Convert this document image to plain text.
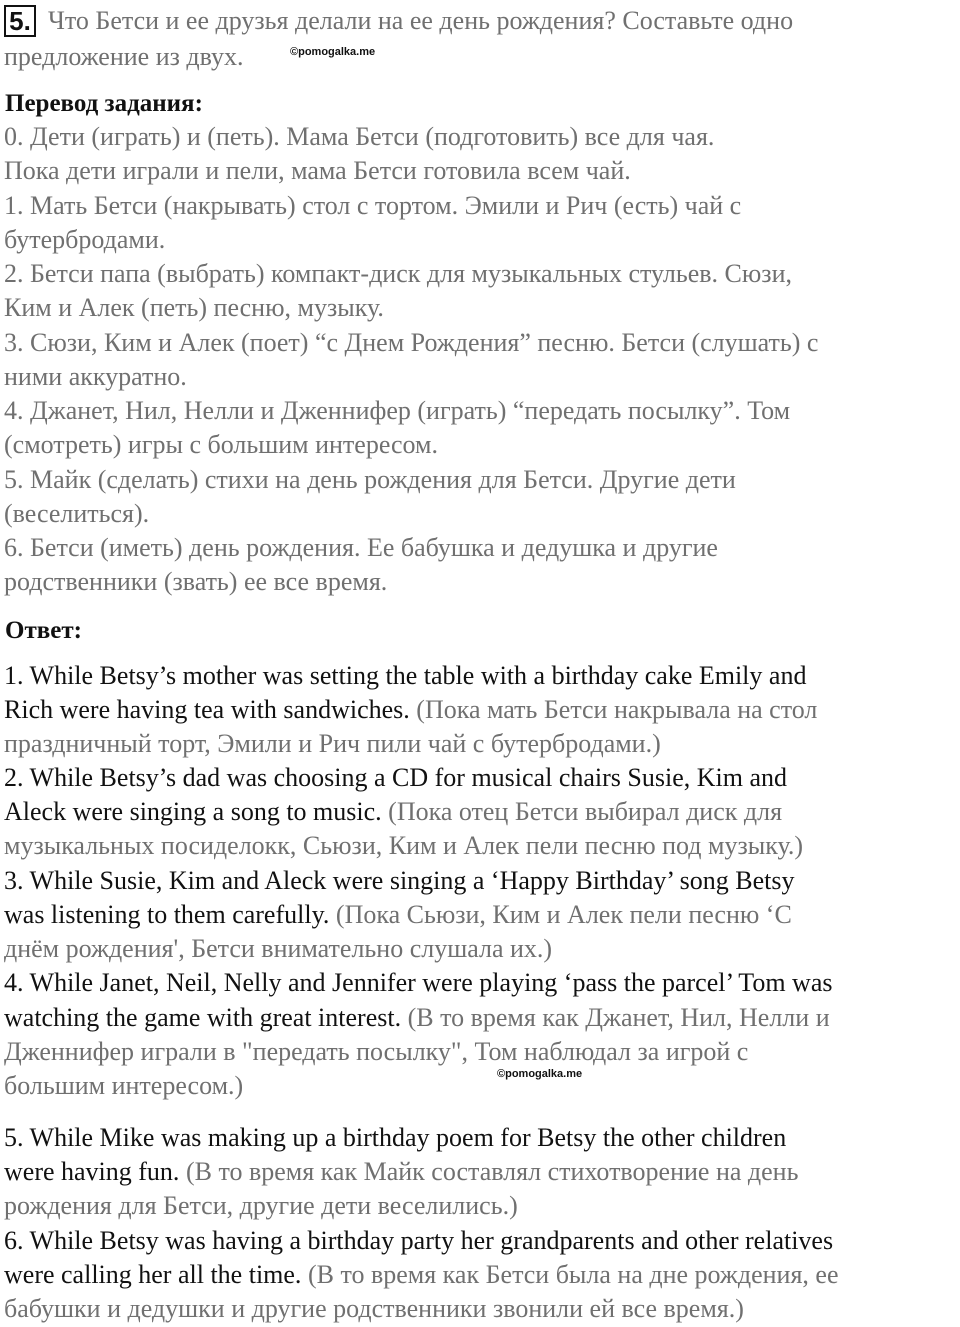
5. Что Бетси и ее друзья делали на ее день рождения? Составьте одно
предложение из двух.	©pomogalka.me
Перевод задания:
0. Дети (играть) и (петь). Мама Бетси (подготовить) все для чая.
Пока дети играли и пели, мама Бетси готовила всем чай.
1. Мать Бетси (накрывать) стол с тортом. Эмили и Рич (есть) чай с
бутербродами.
2. Бетси папа (выбрать) компакт-диск для музыкальных стульев. Сюзи,
Ким и Алек (петь) песню, музыку.
3. Сюзи, Ким и Алек (поет) “с Днем Рождения” песню. Бетси (слушать) с
ними аккуратно.
4. Джанет, Нил, Нелли и Дженнифер (играть) “передать посылку”. Том
(смотреть) игры с большим интересом.
5. Майк (сделать) стихи на день рождения для Бетси. Другие дети
(веселиться).
6. Бетси (иметь) день рождения. Ее бабушка и дедушка и другие
родственники (звать) ее все время.
Ответ:
1. While Betsy’s mother was setting the table with a birthday cake Emily and
Rich were having tea with sandwiches. (Пока мать Бетси накрывала на стол
праздничный торт, Эмили и Рич пили чай с бутербродами.)
2. While Betsy’s dad was choosing a CD for musical chairs Susie, Kim and
Aleck were singing a song to music. (Пока отец Бетси выбирал диск для
музыкальных посиделокк, Сьюзи, Ким и Алек пели песню под музыку.)
3. While Susie, Kim and Aleck were singing a ‘Happy Birthday’ song Betsy
was listening to them carefully. (Пока Сьюзи, Ким и Алек пели песню ‘С
днём рождения', Бетси внимательно слушала их.)
4. While Janet, Neil, Nelly and Jennifer were playing ‘pass the parcel’ Tom was
watching the game with great interest. (В то время как Джанет, Нил, Нелли и
Дженнифер играли в "передать посылку", Том наблюдал за игрой с
большим интересом.)	©pomogalka.me
5. While Mike was making up a birthday poem for Betsy the other children
were having fun. (В то время как Майк составлял стихотворение на день
рождения для Бетси, другие дети веселились.)
6. While Betsy was having a birthday party her grandparents and other relatives
were calling her all the time. (В то время как Бетси была на дне рождения, ее
бабушки и дедушки и другие родственники звонили ей все время.)
